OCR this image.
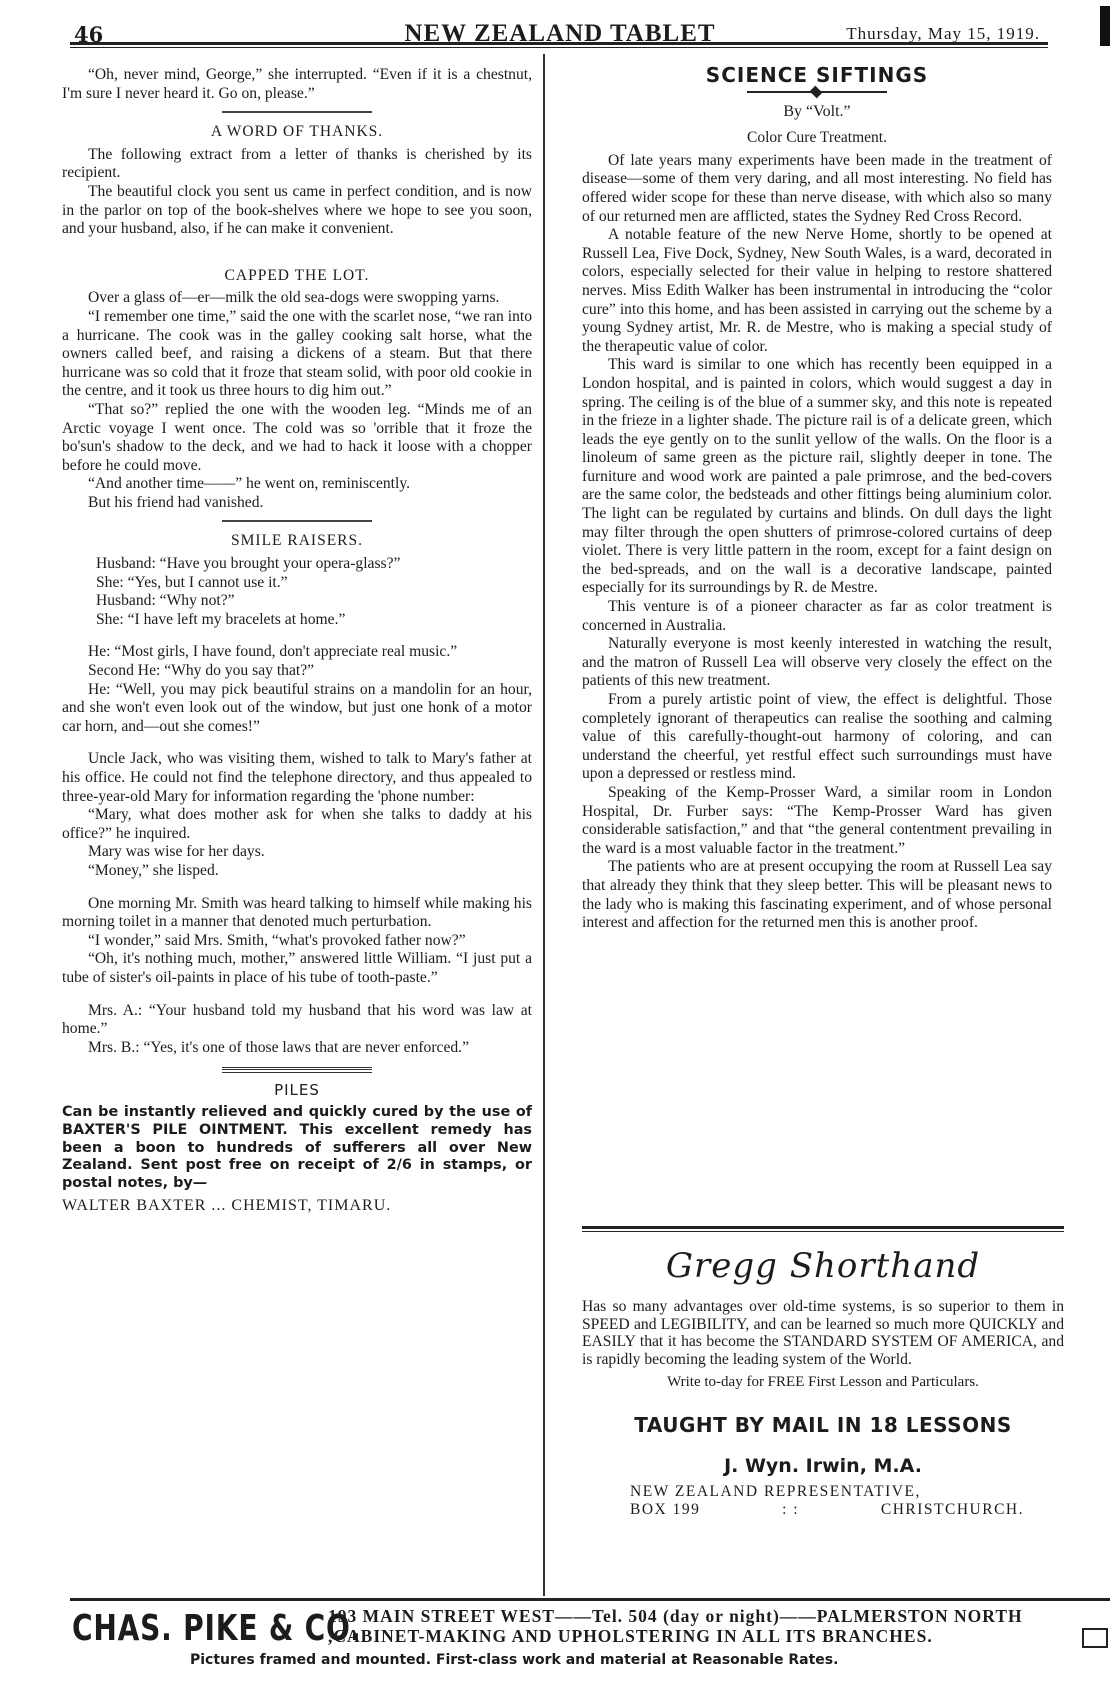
46	NEW ZEALAND TABLET	Thursday, May 15, 1919.

“Oh, never mind, George,” she interrupted. “Even if it is a chestnut, I'm sure I never heard it. Go on, please.”

A WORD OF THANKS.

The following extract from a letter of thanks is cherished by its recipient.

The beautiful clock you sent us came in perfect condition, and is now in the parlor on top of the book-shelves where we hope to see you soon, and your husband, also, if he can make it convenient.

CAPPED THE LOT.

Over a glass of—er—milk the old sea-dogs were swopping yarns.

“I remember one time,” said the one with the scarlet nose, “we ran into a hurricane. The cook was in the galley cooking salt horse, what the owners called beef, and raising a dickens of a steam. But that there hurricane was so cold that it froze that steam solid, with poor old cookie in the centre, and it took us three hours to dig him out.”

“That so?” replied the one with the wooden leg. “Minds me of an Arctic voyage I went once. The cold was so 'orrible that it froze the bo'sun's shadow to the deck, and we had to hack it loose with a chopper before he could move.

“And another time——” he went on, reminiscently.

But his friend had vanished.

SMILE RAISERS.

Husband: “Have you brought your opera-glass?”

She: “Yes, but I cannot use it.”

Husband: “Why not?”

She: “I have left my bracelets at home.”

He: “Most girls, I have found, don't appreciate real music.”

Second He: “Why do you say that?”

He: “Well, you may pick beautiful strains on a mandolin for an hour, and she won't even look out of the window, but just one honk of a motor car horn, and—out she comes!”

Uncle Jack, who was visiting them, wished to talk to Mary's father at his office. He could not find the telephone directory, and thus appealed to three-year-old Mary for information regarding the 'phone number:

“Mary, what does mother ask for when she talks to daddy at his office?” he inquired.

Mary was wise for her days.

“Money,” she lisped.

One morning Mr. Smith was heard talking to himself while making his morning toilet in a manner that denoted much perturbation.

“I wonder,” said Mrs. Smith, “what's provoked father now?”

“Oh, it's nothing much, mother,” answered little William. “I just put a tube of sister's oil-paints in place of his tube of tooth-paste.”

Mrs. A.: “Your husband told my husband that his word was law at home.”

Mrs. B.: “Yes, it's one of those laws that are never enforced.”

PILES

Can be instantly relieved and quickly cured by the use of BAXTER'S PILE OINTMENT. This excellent remedy has been a boon to hundreds of sufferers all over New Zealand. Sent post free on receipt of 2/6 in stamps, or postal notes, by—

WALTER BAXTER ... CHEMIST, TIMARU.

SCIENCE SIFTINGS
By “Volt.”
Color Cure Treatment.

Of late years many experiments have been made in the treatment of disease—some of them very daring, and all most interesting. No field has offered wider scope for these than nerve disease, with which also so many of our returned men are afflicted, states the Sydney Red Cross Record.

A notable feature of the new Nerve Home, shortly to be opened at Russell Lea, Five Dock, Sydney, New South Wales, is a ward, decorated in colors, especially selected for their value in helping to restore shattered nerves. Miss Edith Walker has been instrumental in introducing the “color cure” into this home, and has been assisted in carrying out the scheme by a young Sydney artist, Mr. R. de Mestre, who is making a special study of the therapeutic value of color.

This ward is similar to one which has recently been equipped in a London hospital, and is painted in colors, which would suggest a day in spring. The ceiling is of the blue of a summer sky, and this note is repeated in the frieze in a lighter shade. The picture rail is of a delicate green, which leads the eye gently on to the sunlit yellow of the walls. On the floor is a linoleum of same green as the picture rail, slightly deeper in tone. The furniture and wood work are painted a pale primrose, and the bed-covers are the same color, the bedsteads and other fittings being aluminium color. The light can be regulated by curtains and blinds. On dull days the light may filter through the open shutters of primrose-colored curtains of deep violet. There is very little pattern in the room, except for a faint design on the bed-spreads, and on the wall is a decorative landscape, painted especially for its surroundings by R. de Mestre.

This venture is of a pioneer character as far as color treatment is concerned in Australia.

Naturally everyone is most keenly interested in watching the result, and the matron of Russell Lea will observe very closely the effect on the patients of this new treatment.

From a purely artistic point of view, the effect is delightful. Those completely ignorant of therapeutics can realise the soothing and calming value of this carefully-thought-out harmony of coloring, and can understand the cheerful, yet restful effect such surroundings must have upon a depressed or restless mind.

Speaking of the Kemp-Prosser Ward, a similar room in London Hospital, Dr. Furber says: “The Kemp-Prosser Ward has given considerable satisfaction,” and that “the general contentment prevailing in the ward is a most valuable factor in the treatment.”

The patients who are at present occupying the room at Russell Lea say that already they think that they sleep better. This will be pleasant news to the lady who is making this fascinating experiment, and of whose personal interest and affection for the returned men this is another proof.

Gregg Shorthand
Has so many advantages over old-time systems, is so superior to them in SPEED and LEGIBILITY, and can be learned so much more QUICKLY and EASILY that it has become the STANDARD SYSTEM OF AMERICA, and is rapidly becoming the leading system of the World.
Write to-day for FREE First Lesson and Particulars.
TAUGHT BY MAIL IN 18 LESSONS
J. Wyn. Irwin, M.A.
NEW ZEALAND REPRESENTATIVE,
BOX 199	: :	CHRISTCHURCH.
CHAS. PIKE & CO.
193 MAIN STREET WEST——Tel. 504 (day or night)——PALMERSTON NORTH
,CABINET-MAKING AND UPHOLSTERING IN ALL ITS BRANCHES.
Pictures framed and mounted. First-class work and material at Reasonable Rates.
